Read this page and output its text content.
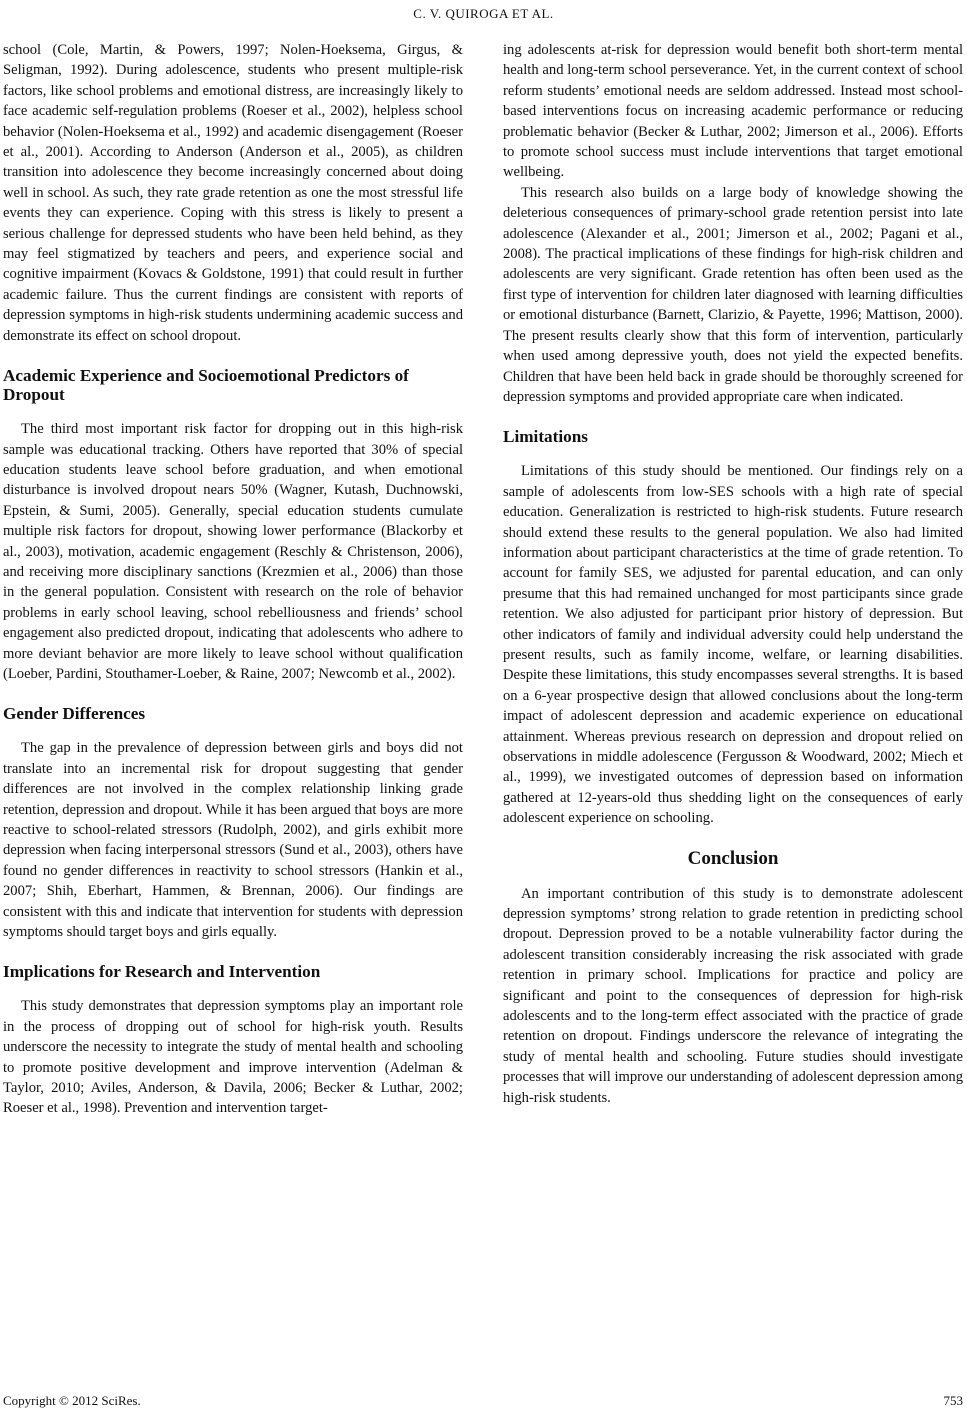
C. V. QUIROGA ET AL.

school (Cole, Martin, & Powers, 1997; Nolen-Hoeksema, Girgus, & Seligman, 1992). During adolescence, students who present multiple-risk factors, like school problems and emotional distress, are increasingly likely to face academic self-regulation problems (Roeser et al., 2002), helpless school behavior (Nolen-Hoeksema et al., 1992) and academic disengagement (Roeser et al., 2001). According to Anderson (Anderson et al., 2005), as children transition into adolescence they become increasingly concerned about doing well in school. As such, they rate grade retention as one the most stressful life events they can experience. Coping with this stress is likely to present a serious challenge for depressed students who have been held behind, as they may feel stigmatized by teachers and peers, and experience social and cognitive impairment (Kovacs & Goldstone, 1991) that could result in further academic failure. Thus the current findings are consistent with reports of depression symptoms in high-risk students undermining academic success and demonstrate its effect on school dropout.

Academic Experience and Socioemotional Predictors of Dropout

The third most important risk factor for dropping out in this high-risk sample was educational tracking. Others have reported that 30% of special education students leave school before graduation, and when emotional disturbance is involved dropout nears 50% (Wagner, Kutash, Duchnowski, Epstein, & Sumi, 2005). Generally, special education students cumulate multiple risk factors for dropout, showing lower performance (Blackorby et al., 2003), motivation, academic engagement (Reschly & Christenson, 2006), and receiving more disciplinary sanctions (Krezmien et al., 2006) than those in the general population. Consistent with research on the role of behavior problems in early school leaving, school rebelliousness and friends’ school engagement also predicted dropout, indicating that adolescents who adhere to more deviant behavior are more likely to leave school without qualification (Loeber, Pardini, Stouthamer-Loeber, & Raine, 2007; Newcomb et al., 2002).

Gender Differences

The gap in the prevalence of depression between girls and boys did not translate into an incremental risk for dropout suggesting that gender differences are not involved in the complex relationship linking grade retention, depression and dropout. While it has been argued that boys are more reactive to school-related stressors (Rudolph, 2002), and girls exhibit more depression when facing interpersonal stressors (Sund et al., 2003), others have found no gender differences in reactivity to school stressors (Hankin et al., 2007; Shih, Eberhart, Hammen, & Brennan, 2006). Our findings are consistent with this and indicate that intervention for students with depression symptoms should target boys and girls equally.

Implications for Research and Intervention

This study demonstrates that depression symptoms play an important role in the process of dropping out of school for high-risk youth. Results underscore the necessity to integrate the study of mental health and schooling to promote positive development and improve intervention (Adelman & Taylor, 2010; Aviles, Anderson, & Davila, 2006; Becker & Luthar, 2002; Roeser et al., 1998). Prevention and intervention target-

ing adolescents at-risk for depression would benefit both short-term mental health and long-term school perseverance. Yet, in the current context of school reform students’ emotional needs are seldom addressed. Instead most school-based interventions focus on increasing academic performance or reducing problematic behavior (Becker & Luthar, 2002; Jimerson et al., 2006). Efforts to promote school success must include interventions that target emotional wellbeing.

This research also builds on a large body of knowledge showing the deleterious consequences of primary-school grade retention persist into late adolescence (Alexander et al., 2001; Jimerson et al., 2002; Pagani et al., 2008). The practical implications of these findings for high-risk children and adolescents are very significant. Grade retention has often been used as the first type of intervention for children later diagnosed with learning difficulties or emotional disturbance (Barnett, Clarizio, & Payette, 1996; Mattison, 2000). The present results clearly show that this form of intervention, particularly when used among depressive youth, does not yield the expected benefits. Children that have been held back in grade should be thoroughly screened for depression symptoms and provided appropriate care when indicated.

Limitations

Limitations of this study should be mentioned. Our findings rely on a sample of adolescents from low-SES schools with a high rate of special education. Generalization is restricted to high-risk students. Future research should extend these results to the general population. We also had limited information about participant characteristics at the time of grade retention. To account for family SES, we adjusted for parental education, and can only presume that this had remained unchanged for most participants since grade retention. We also adjusted for participant prior history of depression. But other indicators of family and individual adversity could help understand the present results, such as family income, welfare, or learning disabilities. Despite these limitations, this study encompasses several strengths. It is based on a 6-year prospective design that allowed conclusions about the long-term impact of adolescent depression and academic experience on educational attainment. Whereas previous research on depression and dropout relied on observations in middle adolescence (Fergusson & Woodward, 2002; Miech et al., 1999), we investigated outcomes of depression based on information gathered at 12-years-old thus shedding light on the consequences of early adolescent experience on schooling.

Conclusion

An important contribution of this study is to demonstrate adolescent depression symptoms’ strong relation to grade retention in predicting school dropout. Depression proved to be a notable vulnerability factor during the adolescent transition considerably increasing the risk associated with grade retention in primary school. Implications for practice and policy are significant and point to the consequences of depression for high-risk adolescents and to the long-term effect associated with the practice of grade retention on dropout. Findings underscore the relevance of integrating the study of mental health and schooling. Future studies should investigate processes that will improve our understanding of adolescent depression among high-risk students.

Copyright © 2012 SciRes.	753
